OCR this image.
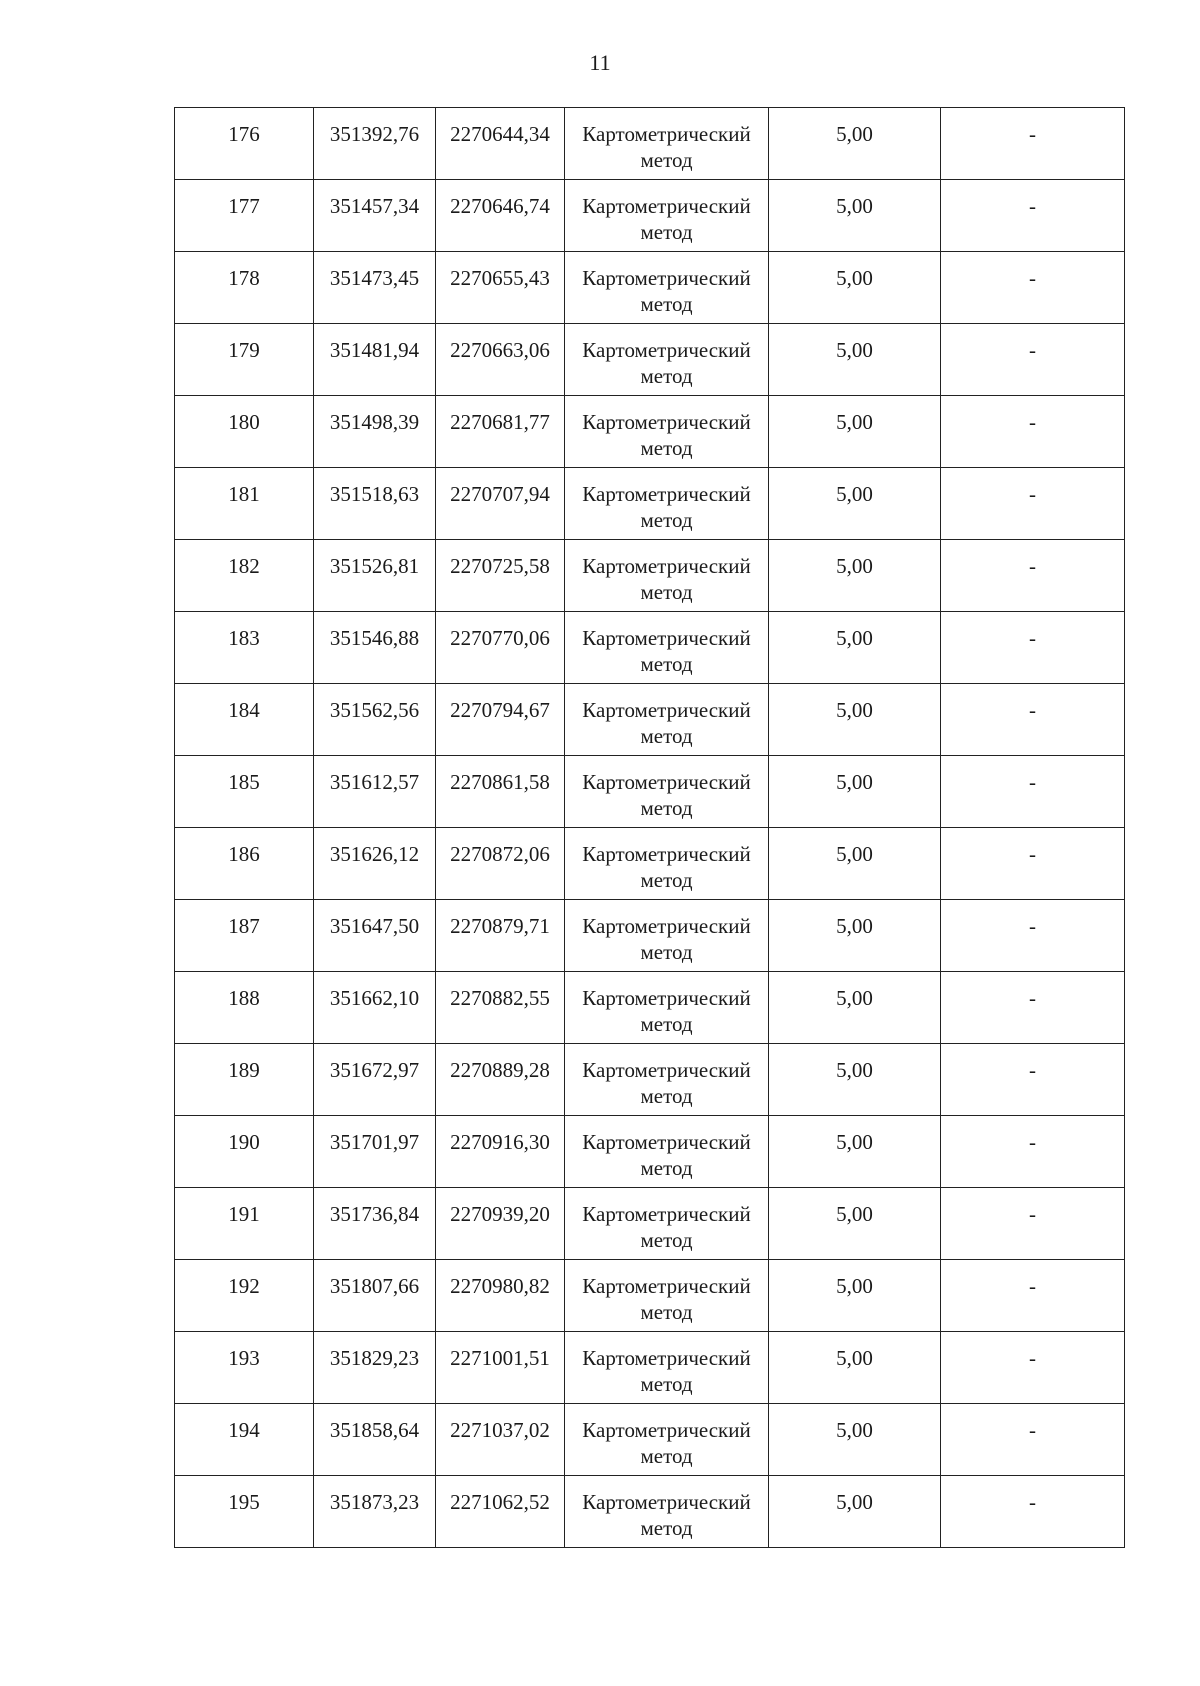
11
176	351392,76	2270644,34	Картометрический
метод	5,00	-

177	351457,34	2270646,74	Картометрический
метод	5,00	-

178	351473,45	2270655,43	Картометрический
метод	5,00	-

179	351481,94	2270663,06	Картометрический
метод	5,00	-

180	351498,39	2270681,77	Картометрический
метод	5,00	-

181	351518,63	2270707,94	Картометрический
метод	5,00	-

182	351526,81	2270725,58	Картометрический
метод	5,00	-

183	351546,88	2270770,06	Картометрический
метод	5,00	-

184	351562,56	2270794,67	Картометрический
метод	5,00	-

185	351612,57	2270861,58	Картометрический
метод	5,00	-

186	351626,12	2270872,06	Картометрический
метод	5,00	-

187	351647,50	2270879,71	Картометрический
метод	5,00	-

188	351662,10	2270882,55	Картометрический
метод	5,00	-

189	351672,97	2270889,28	Картометрический
метод	5,00	-

190	351701,97	2270916,30	Картометрический
метод	5,00	-

191	351736,84	2270939,20	Картометрический
метод	5,00	-

192	351807,66	2270980,82	Картометрический
метод	5,00	-

193	351829,23	2271001,51	Картометрический
метод	5,00	-

194	351858,64	2271037,02	Картометрический
метод	5,00	-

195	351873,23	2271062,52	Картометрический
метод	5,00	-
